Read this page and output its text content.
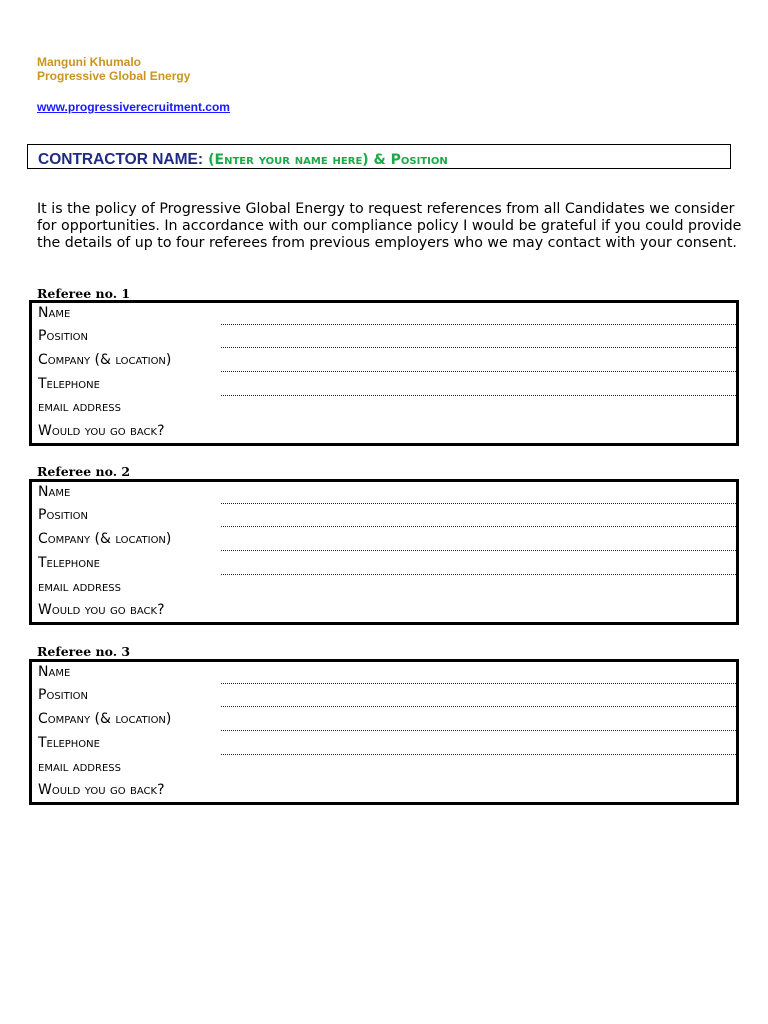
Manguni Khumalo
Progressive Global Energy
www.progressiverecruitment.com
CONTRACTOR NAME: (Enter your name here) & Position

It is the policy of Progressive Global Energy to request references from all Candidates we consider for opportunities. In accordance with our compliance policy I would be grateful if you could provide the details of up to four referees from previous employers who we may contact with your consent.

Referee no. 1
Name
Position
Company (& location)
Telephone
email address
Would you go back?
Referee no. 2
Name
Position
Company (& location)
Telephone
email address
Would you go back?
Referee no. 3
Name
Position
Company (& location)
Telephone
email address
Would you go back?
